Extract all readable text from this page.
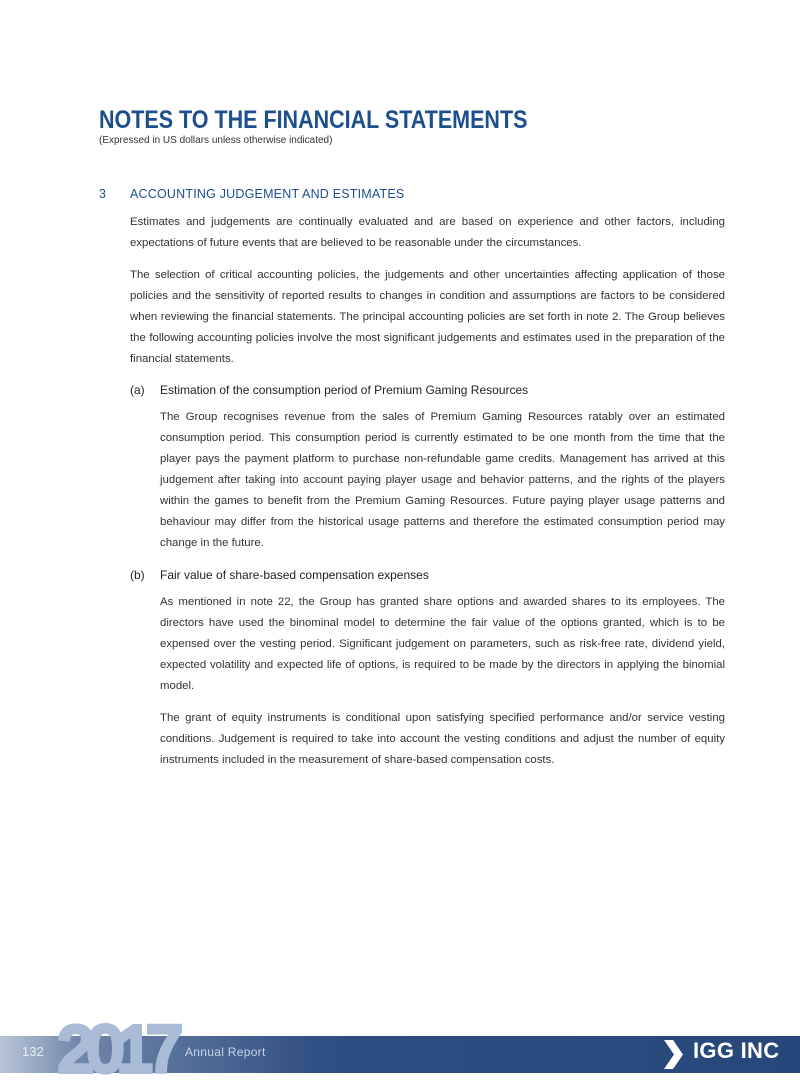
NOTES TO THE FINANCIAL STATEMENTS
(Expressed in US dollars unless otherwise indicated)
3	ACCOUNTING JUDGEMENT AND ESTIMATES

Estimates and judgements are continually evaluated and are based on experience and other factors, including expectations of future events that are believed to be reasonable under the circumstances.

The selection of critical accounting policies, the judgements and other uncertainties affecting application of those policies and the sensitivity of reported results to changes in condition and assumptions are factors to be considered when reviewing the financial statements. The principal accounting policies are set forth in note 2. The Group believes the following accounting policies involve the most significant judgements and estimates used in the preparation of the financial statements.

(a)	Estimation of the consumption period of Premium Gaming Resources

The Group recognises revenue from the sales of Premium Gaming Resources ratably over an estimated consumption period. This consumption period is currently estimated to be one month from the time that the player pays the payment platform to purchase non-refundable game credits. Management has arrived at this judgement after taking into account paying player usage and behavior patterns, and the rights of the players within the games to benefit from the Premium Gaming Resources. Future paying player usage patterns and behaviour may differ from the historical usage patterns and therefore the estimated consumption period may change in the future.

(b)	Fair value of share-based compensation expenses

As mentioned in note 22, the Group has granted share options and awarded shares to its employees. The directors have used the binominal model to determine the fair value of the options granted, which is to be expensed over the vesting period. Significant judgement on parameters, such as risk-free rate, dividend yield, expected volatility and expected life of options, is required to be made by the directors in applying the binomial model.

The grant of equity instruments is conditional upon satisfying specified performance and/or service vesting conditions. Judgement is required to take into account the vesting conditions and adjust the number of equity instruments included in the measurement of share-based compensation costs.

2017
132	Annual Report	IGG INC
